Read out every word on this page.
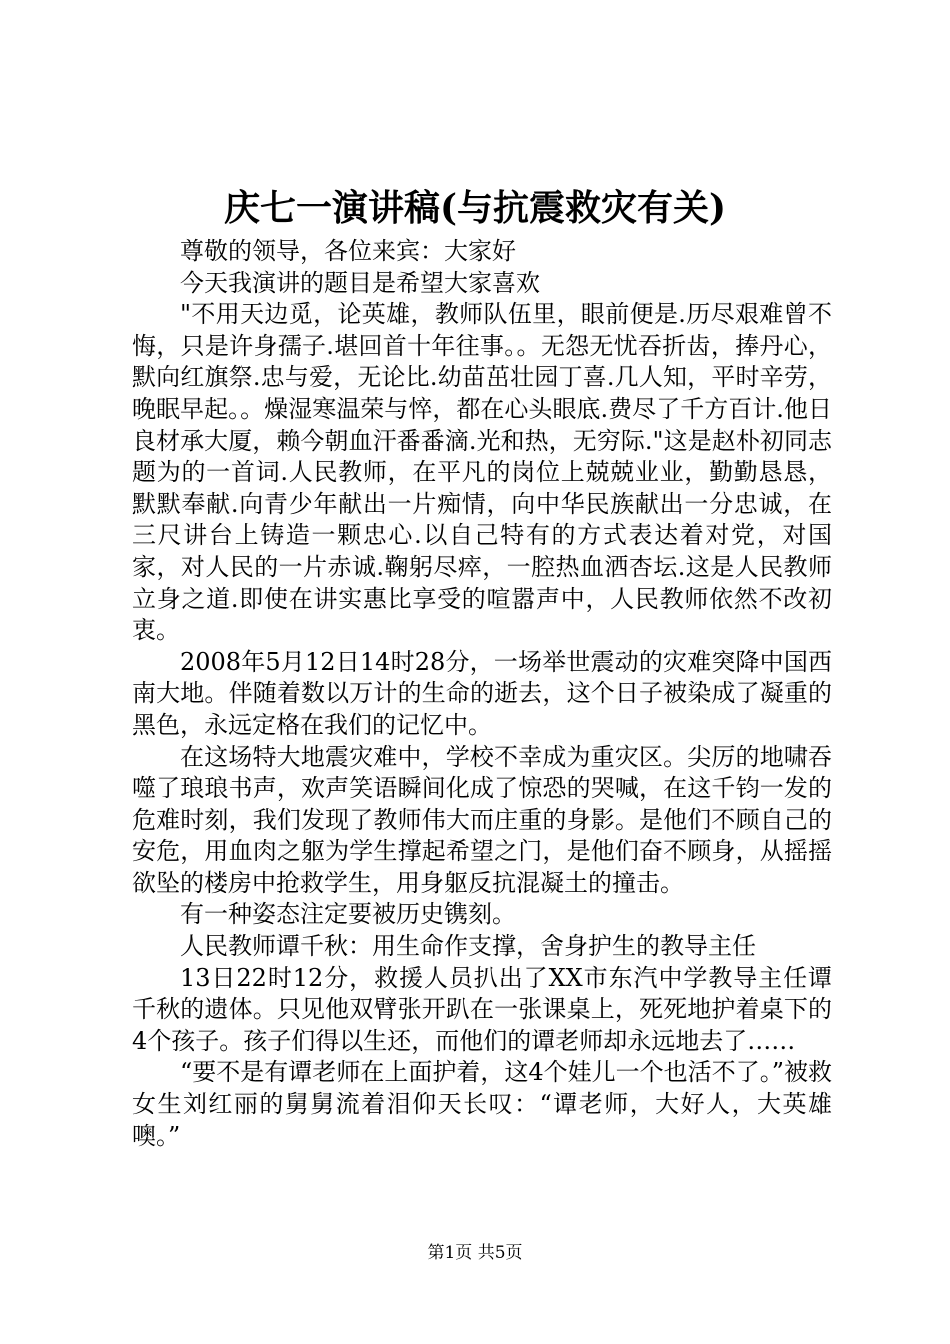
庆七一演讲稿(与抗震救灾有关)

尊敬的领导，各位来宾：大家好

今天我演讲的题目是希望大家喜欢

"不用天边觅，论英雄，教师队伍里，眼前便是.历尽艰难曾不悔，只是许身孺子.堪回首十年往事。。无怨无忧吞折齿，捧丹心，默向红旗祭.忠与爱，无论比.幼苗茁壮园丁喜.几人知，平时辛劳，晚眠早起。。燥湿寒温荣与悴，都在心头眼底.费尽了千方百计.他日良材承大厦，赖今朝血汗番番滴.光和热，无穷际."这是赵朴初同志题为的一首词.人民教师，在平凡的岗位上兢兢业业，勤勤恳恳，默默奉献.向青少年献出一片痴情，向中华民族献出一分忠诚，在三尺讲台上铸造一颗忠心.以自己特有的方式表达着对党，对国家，对人民的一片赤诚.鞠躬尽瘁，一腔热血洒杏坛.这是人民教师立身之道.即使在讲实惠比享受的喧嚣声中，人民教师依然不改初衷。

2008年5月12日14时28分，一场举世震动的灾难突降中国西南大地。伴随着数以万计的生命的逝去，这个日子被染成了凝重的黑色，永远定格在我们的记忆中。

在这场特大地震灾难中，学校不幸成为重灾区。尖厉的地啸吞噬了琅琅书声，欢声笑语瞬间化成了惊恐的哭喊，在这千钧一发的危难时刻，我们发现了教师伟大而庄重的身影。是他们不顾自己的安危，用血肉之躯为学生撑起希望之门，是他们奋不顾身，从摇摇欲坠的楼房中抢救学生，用身躯反抗混凝土的撞击。

有一种姿态注定要被历史镌刻。

人民教师谭千秋：用生命作支撑，舍身护生的教导主任

13日22时12分，救援人员扒出了XX市东汽中学教导主任谭千秋的遗体。只见他双臂张开趴在一张课桌上，死死地护着桌下的4个孩子。孩子们得以生还，而他们的谭老师却永远地去了……

“要不是有谭老师在上面护着，这4个娃儿一个也活不了。”被救女生刘红丽的舅舅流着泪仰天长叹：“谭老师，大好人，大英雄噢。”

第1页 共5页
